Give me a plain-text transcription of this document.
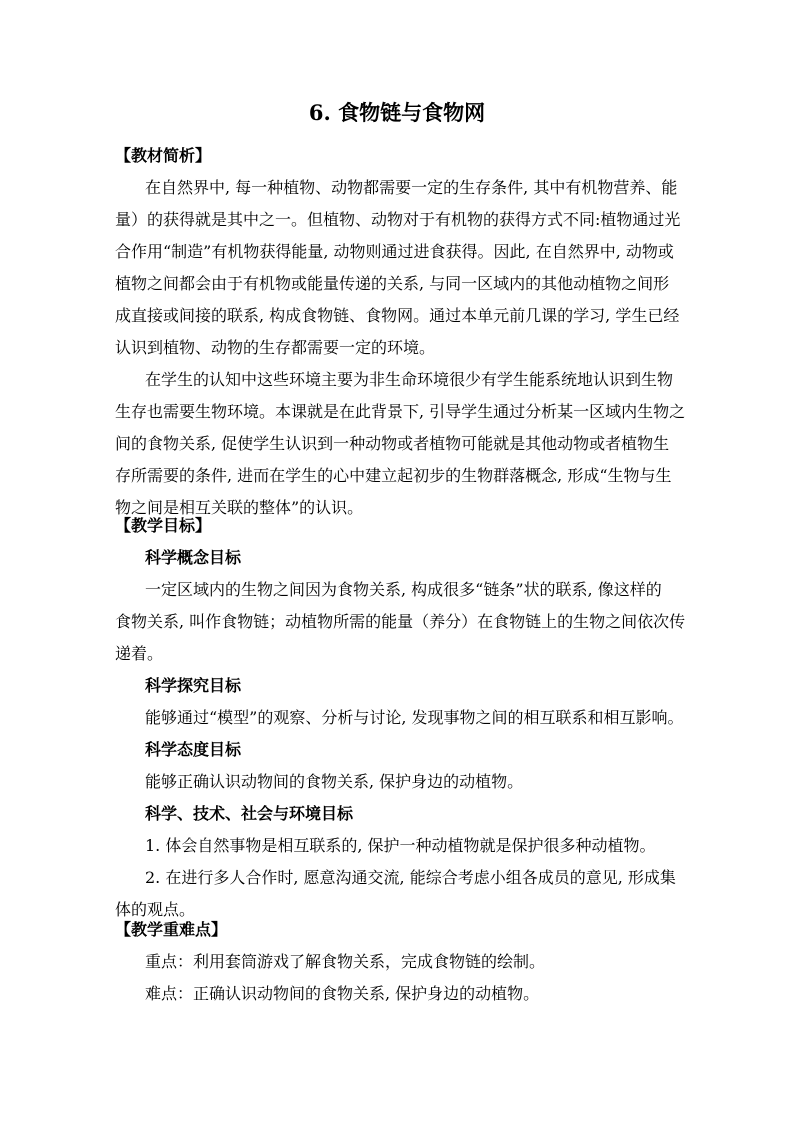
6. 食物链与食物网
【教材简析】
在自然界中, 每一种植物、动物都需要一定的生存条件, 其中有机物营养、能
量）的获得就是其中之一。但植物、动物对于有机物的获得方式不同:植物通过光
合作用“制造”有机物获得能量, 动物则通过进食获得。因此, 在自然界中, 动物或
植物之间都会由于有机物或能量传递的关系, 与同一区域内的其他动植物之间形
成直接或间接的联系, 构成食物链、食物网。通过本单元前几课的学习, 学生已经
认识到植物、动物的生存都需要一定的环境。
在学生的认知中这些环境主要为非生命环境很少有学生能系统地认识到生物
生存也需要生物环境。本课就是在此背景下, 引导学生通过分析某一区域内生物之
间的食物关系, 促使学生认识到一种动物或者植物可能就是其他动物或者植物生
存所需要的条件, 进而在学生的心中建立起初步的生物群落概念, 形成“生物与生
物之间是相互关联的整体”的认识。
【教学目标】
科学概念目标
一定区域内的生物之间因为食物关系, 构成很多“链条”状的联系, 像这样的
食物关系, 叫作食物链；动植物所需的能量（养分）在食物链上的生物之间依次传
递着。
科学探究目标
能够通过“模型”的观察、分析与讨论, 发现事物之间的相互联系和相互影响。
科学态度目标
能够正确认识动物间的食物关系, 保护身边的动植物。
科学、技术、社会与环境目标
1. 体会自然事物是相互联系的, 保护一种动植物就是保护很多种动植物。
2. 在进行多人合作时, 愿意沟通交流, 能综合考虑小组各成员的意见, 形成集
体的观点。
【教学重难点】
重点：利用套筒游戏了解食物关系，完成食物链的绘制。
难点：正确认识动物间的食物关系, 保护身边的动植物。
